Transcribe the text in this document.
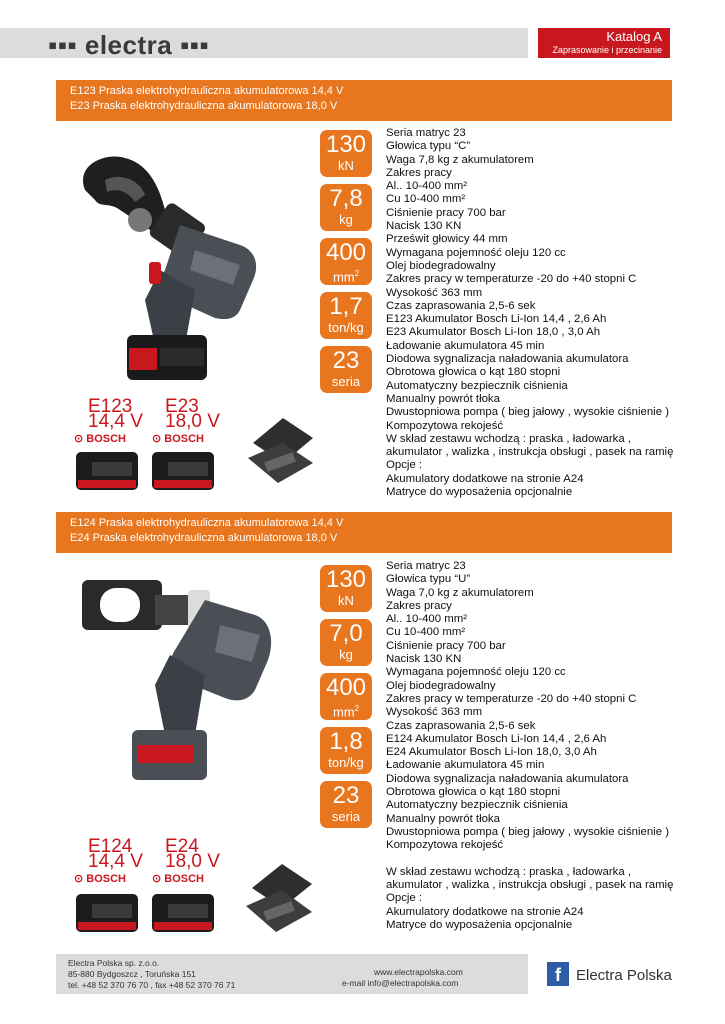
▪▪▪ electra ▪▪▪	Katalog A
Zaprasowanie i przecinanie
E123 Praska elektrohydrauliczna akumulatorowa 14,4 V
E23 Praska elektrohydrauliczna akumulatorowa 18,0 V
130
kN
7,8
kg
400
$mm^2$
1,7
ton/kg
23
seria
Seria matryc 23
Głowica typu “C”
Waga 7,8 kg z akumulatorem
Zakres pracy
Al.. 10-400 mm²
Cu 10-400 mm²
Ciśnienie pracy 700 bar
Nacisk 130 KN
Prześwit głowicy 44 mm
Wymagana pojemność oleju 120 cc
Olej biodegradowalny
Zakres pracy w temperaturze -20 do +40 stopni C
Wysokość 363 mm
Czas zaprasowania 2,5-6 sek
E123 Akumulator Bosch Li-Ion 14,4 , 2,6 Ah
E23 Akumulator Bosch Li-Ion 18,0 , 3,0 Ah
Ładowanie akumulatora 45 min
Diodowa sygnalizacja naładowania akumulatora
Obrotowa głowica o kąt 180 stopni
Automatyczny bezpiecznik ciśnienia
Manualny powrót tłoka
Dwustopniowa pompa ( bieg jałowy , wysokie ciśnienie )
Kompozytowa rekojeść
W skład zestawu wchodzą : praska , ładowarka ,
akumulator , walizka , instrukcja obsługi , pasek na ramię
Opcje :
Akumulatory dodatkowe na stronie A24
Matryce do wyposażenia opcjonalnie
E123
14,4 V
⊙ BOSCH
E23
18,0 V
⊙ BOSCH
E124 Praska elektrohydrauliczna akumulatorowa 14,4 V
E24 Praska elektrohydrauliczna akumulatorowa 18,0 V
130
kN
7,0
kg
400
$mm^2$
1,8
ton/kg
23
seria
Seria matryc 23
Głowica typu “U”
Waga 7,0 kg z akumulatorem
Zakres pracy
Al.. 10-400 mm²
Cu 10-400 mm²
Ciśnienie pracy 700 bar
Nacisk 130 KN
Wymagana pojemność oleju 120 cc
Olej biodegradowalny
Zakres pracy w temperaturze -20 do +40 stopni C
Wysokość 363 mm
Czas zaprasowania 2,5-6 sek
E124 Akumulator Bosch Li-Ion 14,4 , 2,6 Ah
E24 Akumulator Bosch Li-Ion 18,0, 3,0 Ah
Ładowanie akumulatora 45 min
Diodowa sygnalizacja naładowania akumulatora
Obrotowa głowica o kąt 180 stopni
Automatyczny bezpiecznik ciśnienia
Manualny powrót tłoka
Dwustopniowa pompa ( bieg jałowy , wysokie ciśnienie )
Kompozytowa rekojeść
W skład zestawu wchodzą : praska , ładowarka ,
akumulator , walizka , instrukcja obsługi , pasek na ramię
Opcje :
Akumulatory dodatkowe na stronie A24
Matryce do wyposażenia opcjonalnie
E124
14,4 V
⊙ BOSCH
E24
18,0 V
⊙ BOSCH
Electra Polska sp. z.o.o.
85-880 Bydgoszcz , Toruńska 151
tel. +48 52 370 76 70 , fax +48 52 370 76 71
www.electrapolska.com
e-mail info@electrapolska.com	f	Electra Polska
